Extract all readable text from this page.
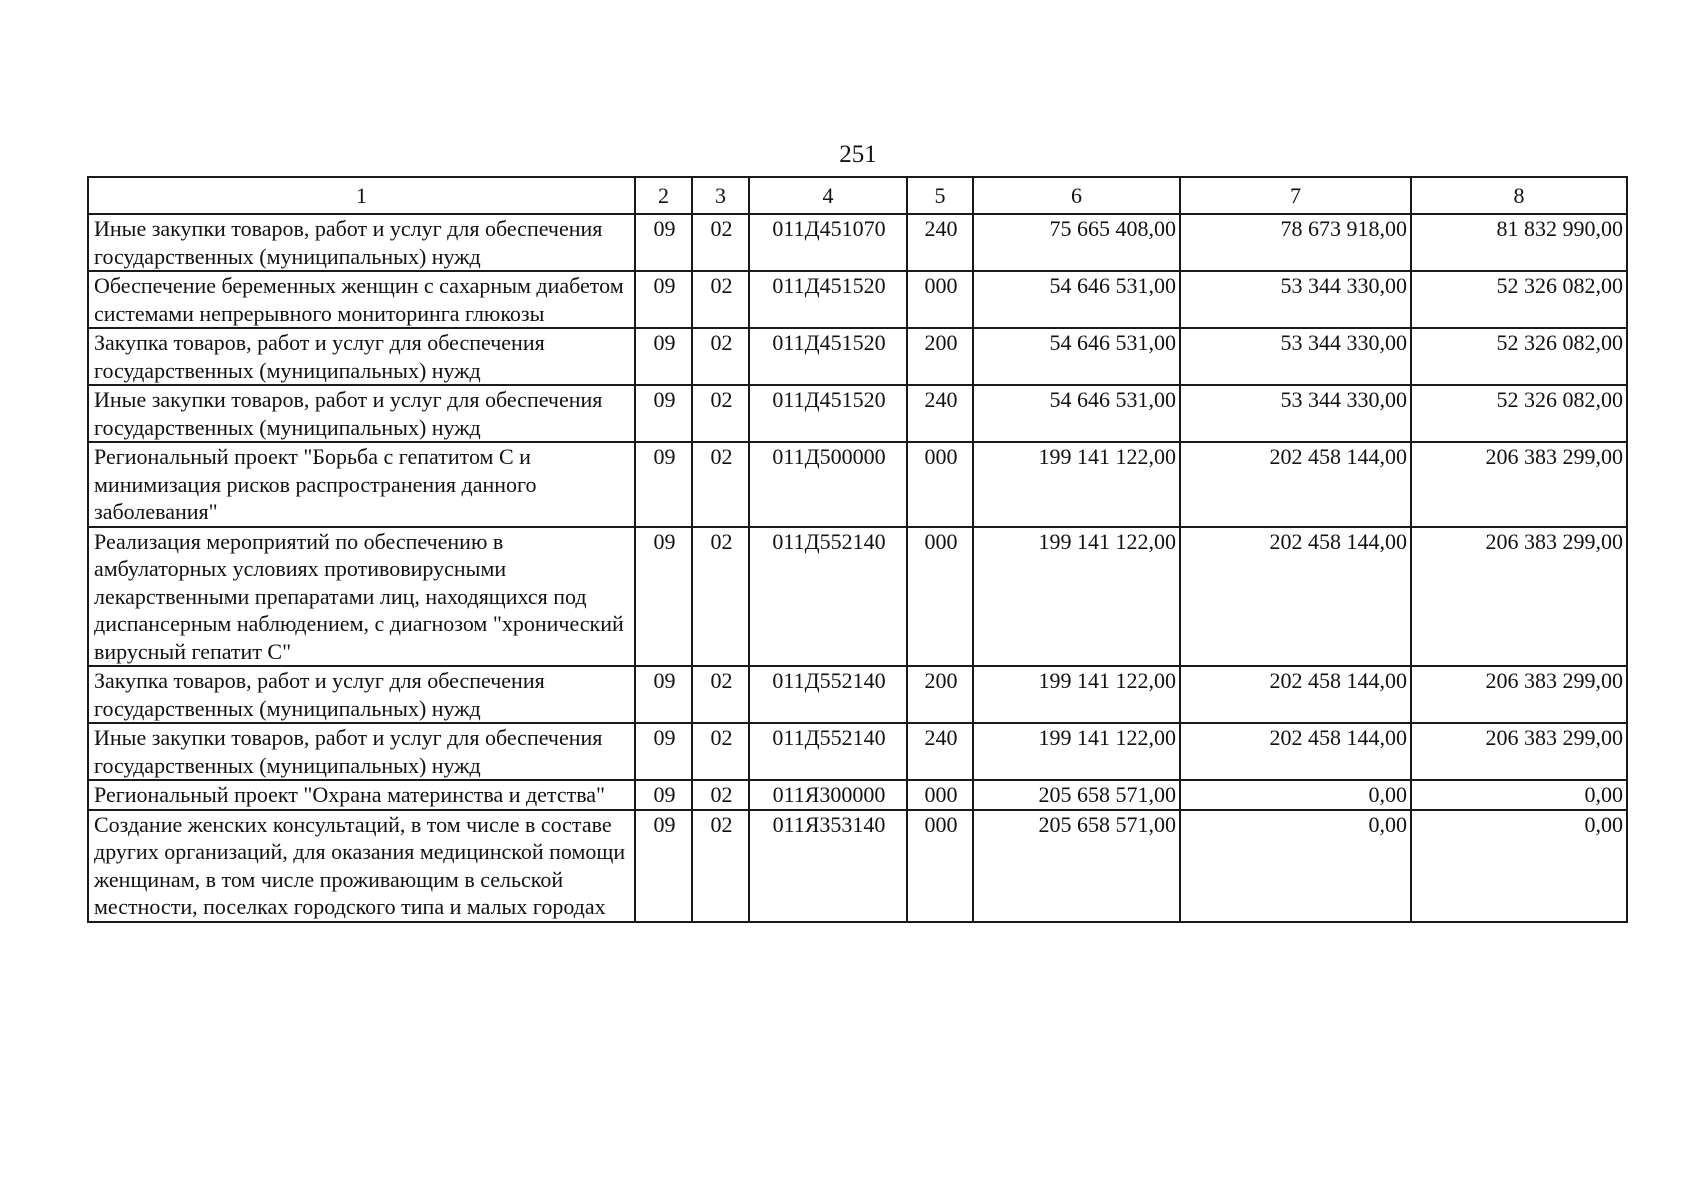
251
1	2	3	4	5	6	7	8
Иные закупки товаров, работ и услуг для обеспечения государственных (муниципальных) нужд	09	02	011Д451070	240	75 665 408,00	78 673 918,00	81 832 990,00
Обеспечение беременных женщин с сахарным диабетом системами непрерывного мониторинга глюкозы	09	02	011Д451520	000	54 646 531,00	53 344 330,00	52 326 082,00
Закупка товаров, работ и услуг для обеспечения государственных (муниципальных) нужд	09	02	011Д451520	200	54 646 531,00	53 344 330,00	52 326 082,00
Иные закупки товаров, работ и услуг для обеспечения государственных (муниципальных) нужд	09	02	011Д451520	240	54 646 531,00	53 344 330,00	52 326 082,00
Региональный проект "Борьба с гепатитом С и минимизация рисков распространения данного заболевания"	09	02	011Д500000	000	199 141 122,00	202 458 144,00	206 383 299,00
Реализация мероприятий по обеспечению в амбулаторных условиях противовирусными лекарственными препаратами лиц, находящихся под диспансерным наблюдением, с диагнозом "хронический вирусный гепатит С"	09	02	011Д552140	000	199 141 122,00	202 458 144,00	206 383 299,00
Закупка товаров, работ и услуг для обеспечения государственных (муниципальных) нужд	09	02	011Д552140	200	199 141 122,00	202 458 144,00	206 383 299,00
Иные закупки товаров, работ и услуг для обеспечения государственных (муниципальных) нужд	09	02	011Д552140	240	199 141 122,00	202 458 144,00	206 383 299,00
Региональный проект "Охрана материнства и детства"	09	02	011Я300000	000	205 658 571,00	0,00	0,00
Создание женских консультаций, в том числе в составе других организаций, для оказания медицинской помощи женщинам, в том числе проживающим в сельской местности, поселках городского типа и малых городах	09	02	011Я353140	000	205 658 571,00	0,00	0,00
